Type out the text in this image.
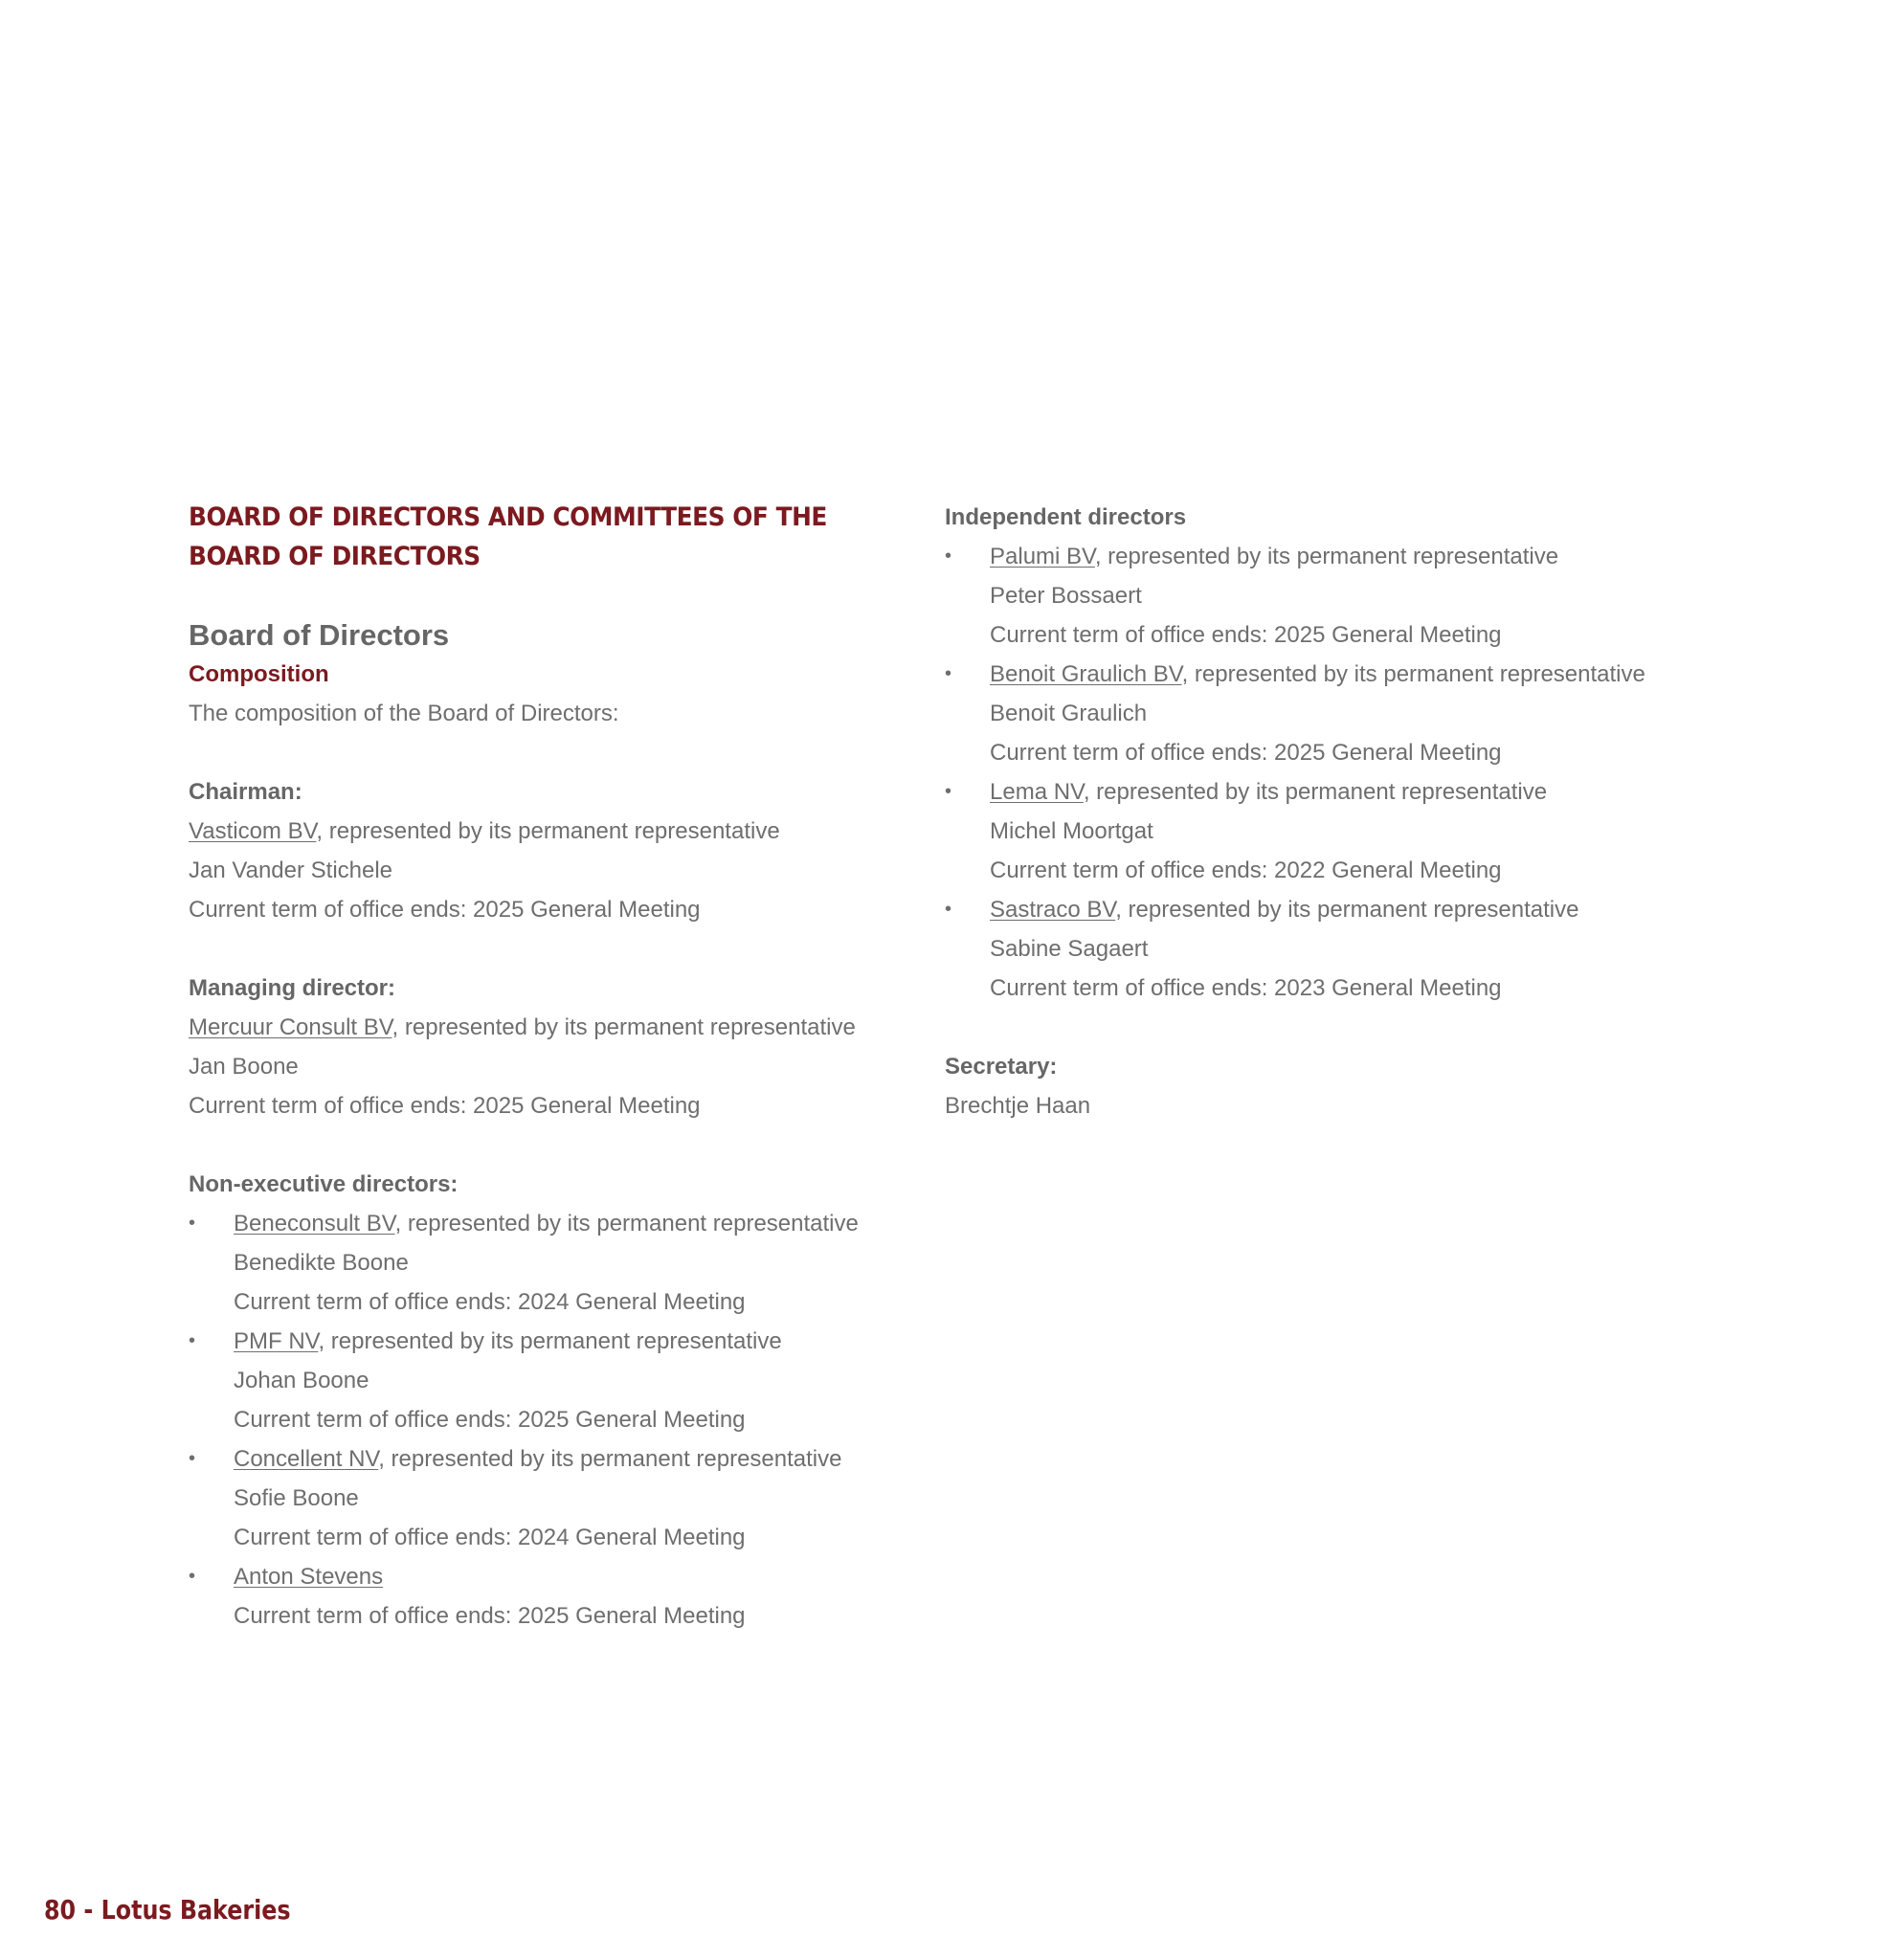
BOARD OF DIRECTORS AND COMMITTEES OF THE BOARD OF DIRECTORS
Board of Directors
Composition
The composition of the Board of Directors:
Chairman:
Vasticom BV, represented by its permanent representative
Jan Vander Stichele
Current term of office ends: 2025 General Meeting
Managing director:
Mercuur Consult BV, represented by its permanent representative
Jan Boone
Current term of office ends: 2025 General Meeting
Non-executive directors:
• Beneconsult BV, represented by its permanent representative
Benedikte Boone
Current term of office ends: 2024 General Meeting
• PMF NV, represented by its permanent representative
Johan Boone
Current term of office ends: 2025 General Meeting
• Concellent NV, represented by its permanent representative
Sofie Boone
Current term of office ends: 2024 General Meeting
• Anton Stevens
Current term of office ends: 2025 General Meeting
Independent directors
• Palumi BV, represented by its permanent representative
Peter Bossaert
Current term of office ends: 2025 General Meeting
• Benoit Graulich BV, represented by its permanent representative
Benoit Graulich
Current term of office ends: 2025 General Meeting
• Lema NV, represented by its permanent representative
Michel Moortgat
Current term of office ends: 2022 General Meeting
• Sastraco BV, represented by its permanent representative
Sabine Sagaert
Current term of office ends: 2023 General Meeting
Secretary:
Brechtje Haan
80 - Lotus Bakeries
